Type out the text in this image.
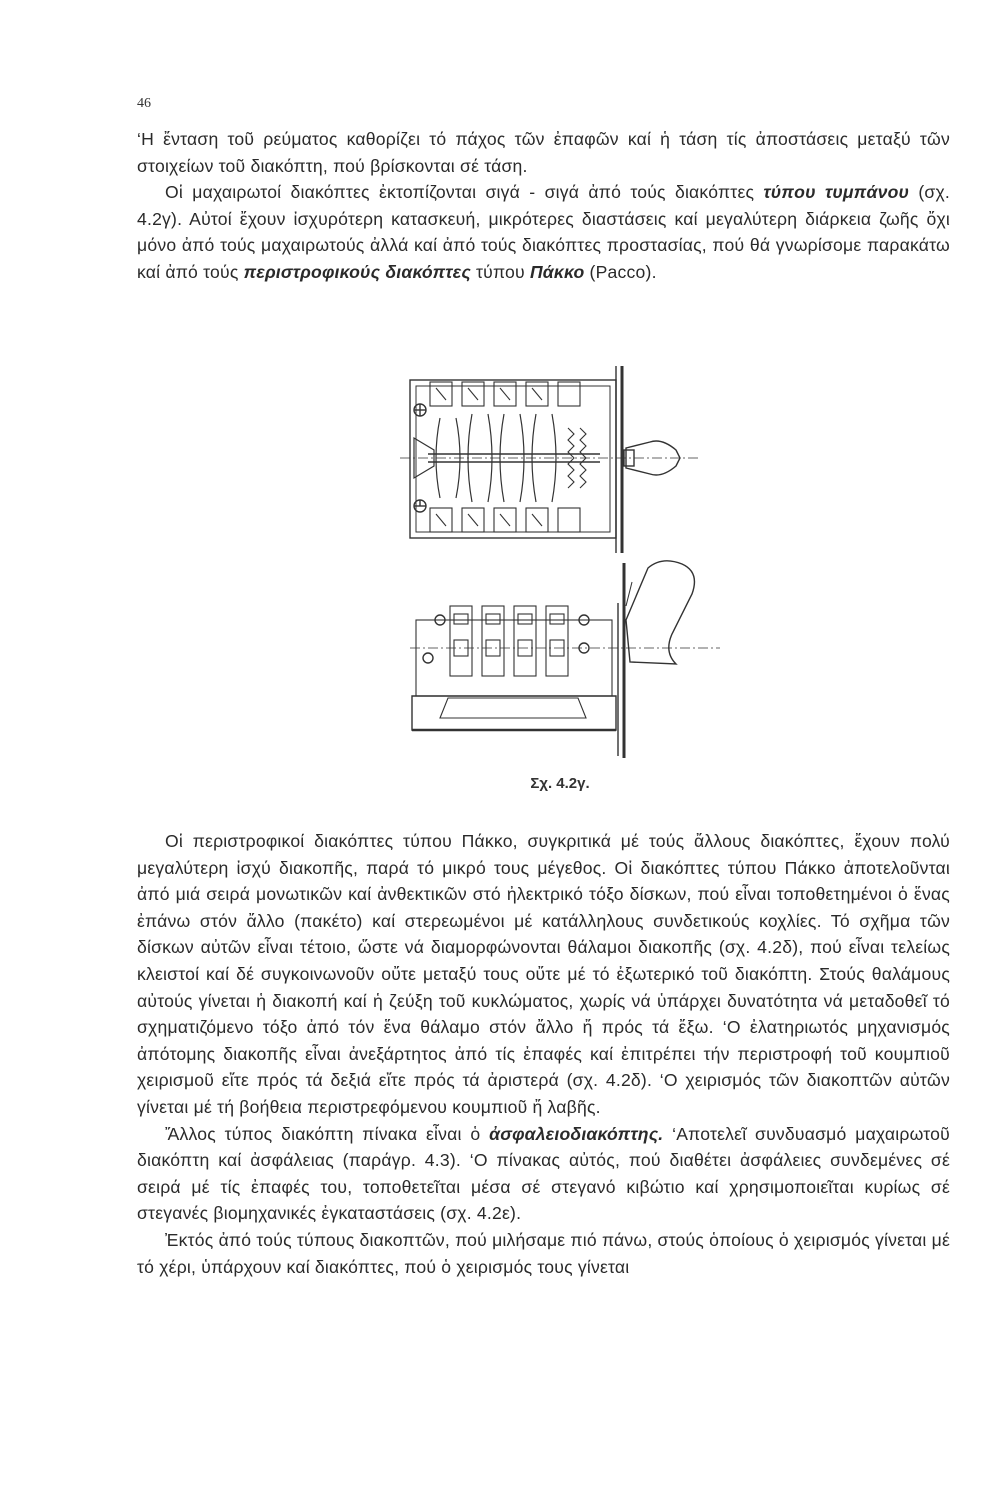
46

‘Η ἔνταση τοῦ ρεύματος καθορίζει τό πάχος τῶν ἐπαφῶν καί ἡ τάση τίς ἀποστάσεις μεταξύ τῶν στοιχείων τοῦ διακόπτη, πού βρίσκονται σέ τάση.

Οἱ μαχαιρωτοί διακόπτες ἐκτοπίζονται σιγά - σιγά ἀπό τούς διακόπτες τύπου τυμπάνου (σχ. 4.2γ). Αὐτοί ἔχουν ἰσχυρότερη κατασκευή, μικρότερες διαστάσεις καί μεγαλύτερη διάρκεια ζωῆς ὄχι μόνο ἀπό τούς μαχαιρωτούς ἀλλά καί ἀπό τούς διακόπτες προστασίας, πού θά γνωρίσομε παρακάτω καί ἀπό τούς περιστροφικούς διακόπτες τύπου Πάκκο (Pacco).

Σχ. 4.2γ.

Οἱ περιστροφικοί διακόπτες τύπου Πάκκο, συγκριτικά μέ τούς ἄλλους διακόπτες, ἔχουν πολύ μεγαλύτερη ἰσχύ διακοπῆς, παρά τό μικρό τους μέγεθος. Οἱ διακόπτες τύπου Πάκκο ἀποτελοῦνται ἀπό μιά σειρά μονωτικῶν καί ἀνθεκτικῶν στό ἠλεκτρικό τόξο δίσκων, πού εἶναι τοποθετημένοι ὁ ἕνας ἐπάνω στόν ἄλλο (πακέτο) καί στερεωμένοι μέ κατάλληλους συνδετικούς κοχλίες. Τό σχῆμα τῶν δίσκων αὐτῶν εἶναι τέτοιο, ὥστε νά διαμορφώνονται θάλαμοι διακοπῆς (σχ. 4.2δ), πού εἶναι τελείως κλειστοί καί δέ συγκοινωνοῦν οὔτε μεταξύ τους οὔτε μέ τό ἐξωτερικό τοῦ διακόπτη. Στούς θαλάμους αὐτούς γίνεται ἡ διακοπή καί ἡ ζεύξη τοῦ κυκλώματος, χωρίς νά ὑπάρχει δυνατότητα νά μεταδοθεῖ τό σχηματιζόμενο τόξο ἀπό τόν ἕνα θάλαμο στόν ἄλλο ἤ πρός τά ἔξω. ‘Ο ἐλατηριωτός μηχανισμός ἀπότομης διακοπῆς εἶναι ἀνεξάρτητος ἀπό τίς ἐπαφές καί ἐπιτρέπει τήν περιστροφή τοῦ κουμπιοῦ χειρισμοῦ εἴτε πρός τά δεξιά εἴτε πρός τά ἀριστερά (σχ. 4.2δ). ‘Ο χειρισμός τῶν διακοπτῶν αὐτῶν γίνεται μέ τή βοήθεια περιστρεφόμενου κουμπιοῦ ἤ λαβῆς.

Ἄλλος τύπος διακόπτη πίνακα εἶναι ὁ ἀσφαλειοδιακόπτης. ‘Αποτελεῖ συνδυασμό μαχαιρωτοῦ διακόπτη καί ἀσφάλειας (παράγρ. 4.3). ‘Ο πίνακας αὐτός, πού διαθέτει ἀσφάλειες συνδεμένες σέ σειρά μέ τίς ἐπαφές του, τοποθετεῖται μέσα σέ στεγανό κιβώτιο καί χρησιμοποιεῖται κυρίως σέ στεγανές βιομηχανικές ἐγκαταστάσεις (σχ. 4.2ε).

Ἐκτός ἀπό τούς τύπους διακοπτῶν, πού μιλήσαμε πιό πάνω, στούς ὁποίους ὁ χειρισμός γίνεται μέ τό χέρι, ὑπάρχουν καί διακόπτες, πού ὁ χειρισμός τους γίνεται
